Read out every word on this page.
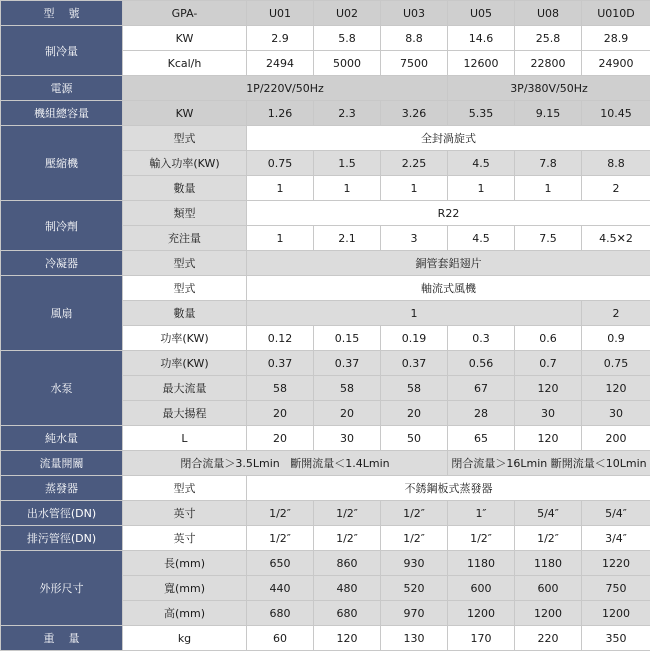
型 號	GPA-	U01	U02	U03	U05	U08	U010D
制冷量	KW	2.9	5.8	8.8	14.6	25.8	28.9
	Kcal/h	2494	5000	7500	12600	22800	24900
電源	1P/220V/50Hz				3P/380V/50Hz		
機組總容量	KW	1.26	2.3	3.26	5.35	9.15	10.45
壓縮機	型式	全封渦旋式					
	輸入功率(KW)	0.75	1.5	2.25	4.5	7.8	8.8
	數量	1	1	1	1	1	2
制冷劑	類型	R22					
	充注量	1	2.1	3	4.5	7.5	4.5✕2
冷凝器	型式	銅管套鋁翅片					
風扇	型式	軸流式風機					
	數量	1					2
	功率(KW)	0.12	0.15	0.19	0.3	0.6	0.9
水泵	功率(KW)	0.37	0.37	0.37	0.56	0.7	0.75
	最大流量	58	58	58	67	120	120
	最大揚程	20	20	20	28	30	30
純水量	L	20	30	50	65	120	200
流量開關	閉合流量＞3.5Lmin 斷開流量＜1.4Lmin				閉合流量＞16Lmin 斷開流量＜10Lmin		
蒸發器	型式	不銹鋼板式蒸發器					
出水管徑(DN)	英寸	1/2″	1/2″	1/2″	1″	5/4″	5/4″
排污管徑(DN)	英寸	1/2″	1/2″	1/2″	1/2″	1/2″	3/4″
外形尺寸	長(mm)	650	860	930	1180	1180	1220
	寬(mm)	440	480	520	600	600	750
	高(mm)	680	680	970	1200	1200	1200
重 量	kg	60	120	130	170	220	350
